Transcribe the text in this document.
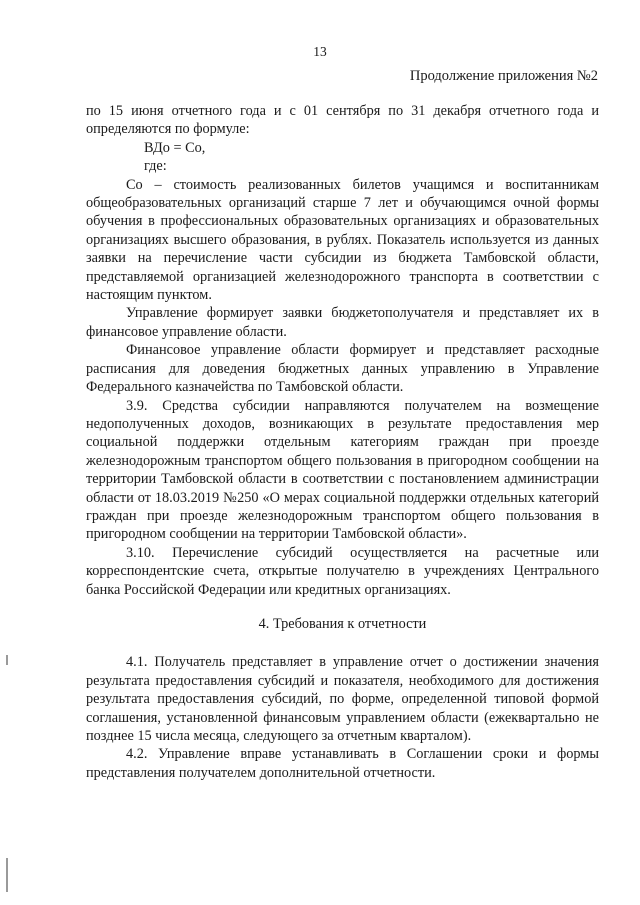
13
Продолжение приложения №2

по 15 июня отчетного года и с 01 сентября по 31 декабря отчетного года и определяются по формуле:

ВДо = Со,

где:

Со – стоимость реализованных билетов учащимся и воспитанникам общеобразовательных организаций старше 7 лет и обучающимся очной формы обучения в профессиональных образовательных организациях и образовательных организациях высшего образования, в рублях. Показатель используется из данных заявки на перечисление части субсидии из бюджета Тамбовской области, представляемой организацией железнодорожного транспорта в соответствии с настоящим пунктом.

Управление формирует заявки бюджетополучателя и представляет их в финансовое управление области.

Финансовое управление области формирует и представляет расходные расписания для доведения бюджетных данных управлению в Управление Федерального казначейства по Тамбовской области.

3.9. Средства субсидии направляются получателем на возмещение недополученных доходов, возникающих в результате предоставления мер социальной поддержки отдельным категориям граждан при проезде железнодорожным транспортом общего пользования в пригородном сообщении на территории Тамбовской области в соответствии с постановлением администрации области от 18.03.2019 №250 «О мерах социальной поддержки отдельных категорий граждан при проезде железнодорожным транспортом общего пользования в пригородном сообщении на территории Тамбовской области».

3.10. Перечисление субсидий осуществляется на расчетные или корреспондентские счета, открытые получателю в учреждениях Центрального банка Российской Федерации или кредитных организациях.

4. Требования к отчетности

4.1. Получатель представляет в управление отчет о достижении значения результата предоставления субсидий и показателя, необходимого для достижения результата предоставления субсидий, по форме, определенной типовой формой соглашения, установленной финансовым управлением области (ежеквартально не позднее 15 числа месяца, следующего за отчетным кварталом).

4.2. Управление вправе устанавливать в Соглашении сроки и формы представления получателем дополнительной отчетности.
